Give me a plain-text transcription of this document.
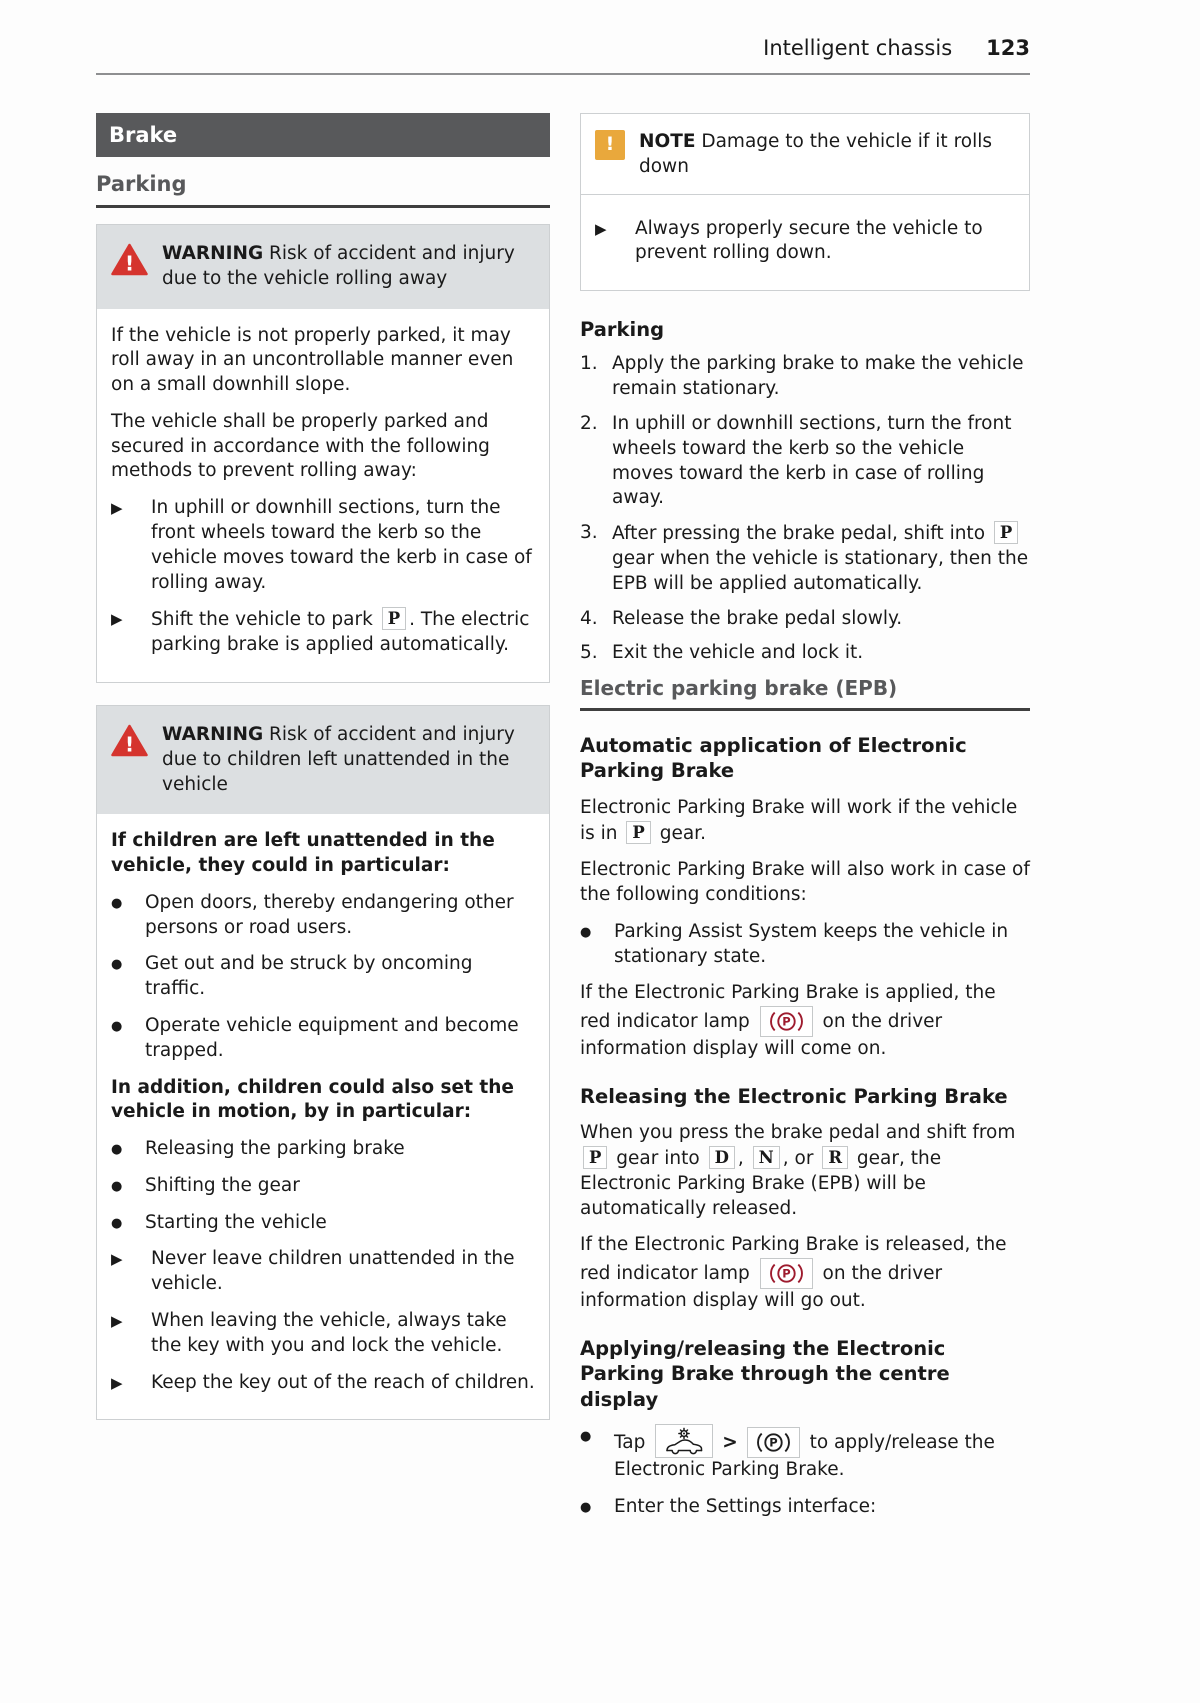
Intelligent chassis 123
Brake
Parking
! WARNING Risk of accident and injury due to the vehicle rolling away

If the vehicle is not properly parked, it may roll away in an uncontrollable manner even on a small downhill slope.

The vehicle shall be properly parked and secured in accordance with the following methods to prevent rolling away:

▶	In uphill or downhill sections, turn the front wheels toward the kerb so the vehicle moves toward the kerb in case of rolling away.
▶	Shift the vehicle to park P . The electric parking brake is applied automatically.
! WARNING Risk of accident and injury due to children left unattended in the vehicle

If children are left unattended in the vehicle, they could in particular:

●	Open doors, thereby endangering other persons or road users.
●	Get out and be struck by oncoming traffic.
●	Operate vehicle equipment and become trapped.

In addition, children could also set the vehicle in motion, by in particular:

●	Releasing the parking brake
●	Shifting the gear
●	Starting the vehicle
▶	Never leave children unattended in the vehicle.
▶	When leaving the vehicle, always take the key with you and lock the vehicle.
▶	Keep the key out of the reach of children.
!	NOTE Damage to the vehicle if it rolls down
▶	Always properly secure the vehicle to prevent rolling down.
Parking
1. Apply the parking brake to make the vehicle remain stationary.
2. In uphill or downhill sections, turn the front wheels toward the kerb so the vehicle moves toward the kerb in case of rolling away.
3. After pressing the brake pedal, shift into P gear when the vehicle is stationary, then the EPB will be applied automatically.
4. Release the brake pedal slowly.
5. Exit the vehicle and lock it.
Electric parking brake (EPB)
Automatic application of Electronic Parking Brake

Electronic Parking Brake will work if the vehicle is in P gear.

Electronic Parking Brake will also work in case of the following conditions:

●	Parking Assist System keeps the vehicle in stationary state.

If the Electronic Parking Brake is applied, the red indicator lamp P on the driver information display will come on.

Releasing the Electronic Parking Brake

When you press the brake pedal and shift from P gear into D , N , or R gear, the Electronic Parking Brake (EPB) will be automatically released.

If the Electronic Parking Brake is released, the red indicator lamp P on the driver information display will go out.

Applying/releasing the Electronic Parking Brake through the centre display
●	Tap	>	P to apply/release the Electronic Parking Brake.
●	Enter the Settings interface:
